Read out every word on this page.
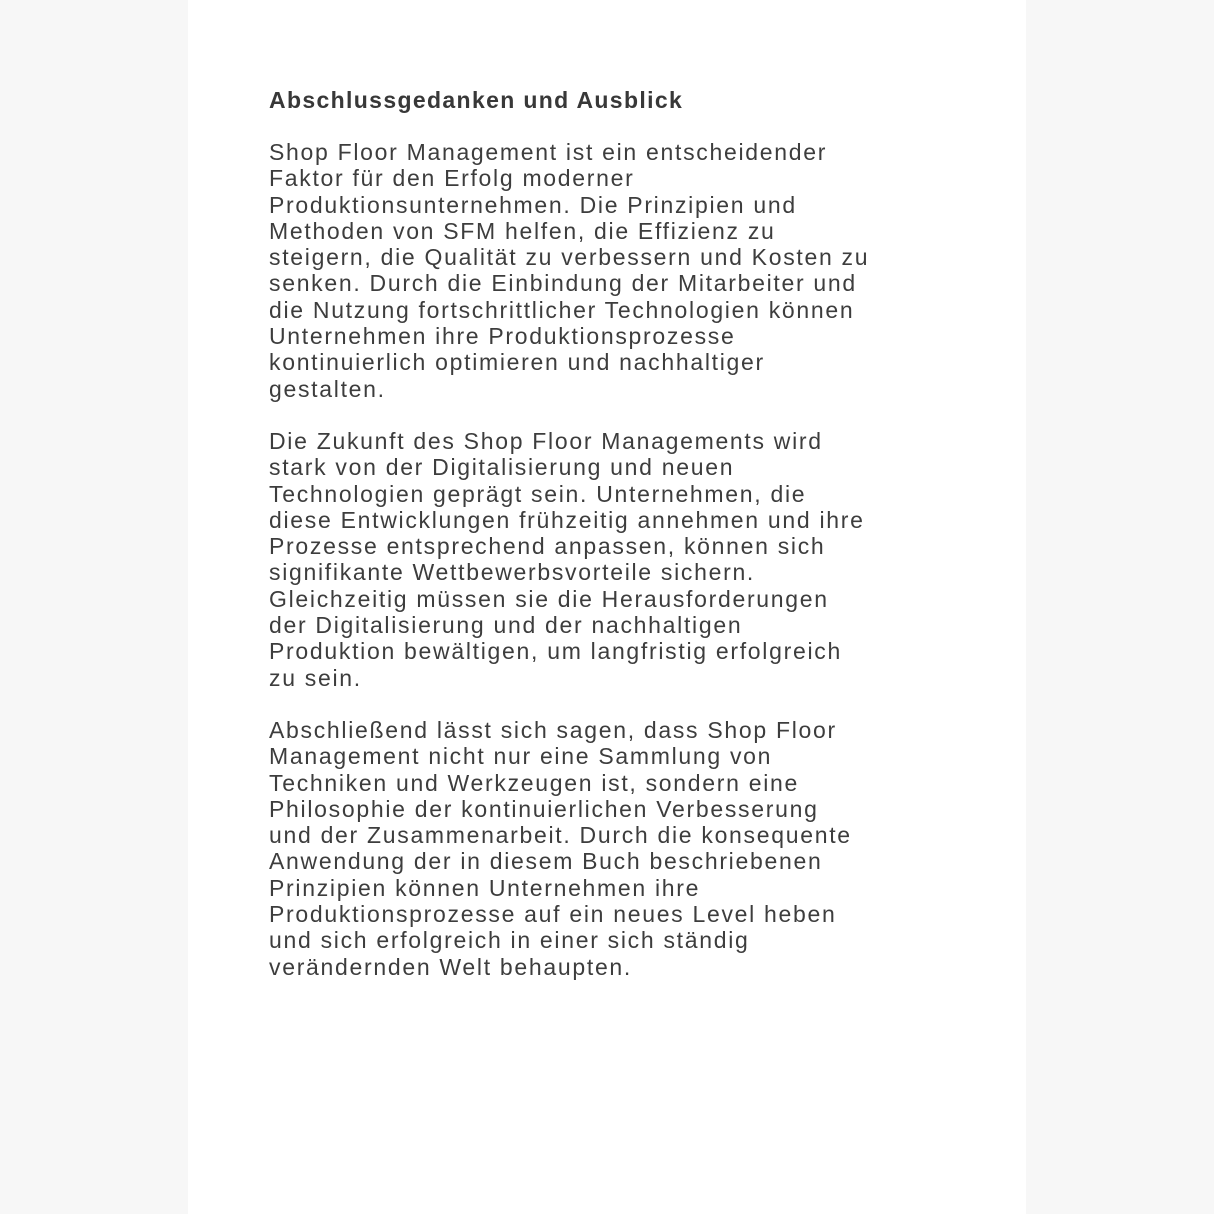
Abschlussgedanken und Ausblick

Shop Floor Management ist ein entscheidender
Faktor für den Erfolg moderner
Produktionsunternehmen. Die Prinzipien und
Methoden von SFM helfen, die Effizienz zu
steigern, die Qualität zu verbessern und Kosten zu
senken. Durch die Einbindung der Mitarbeiter und
die Nutzung fortschrittlicher Technologien können
Unternehmen ihre Produktionsprozesse
kontinuierlich optimieren und nachhaltiger
gestalten.

Die Zukunft des Shop Floor Managements wird
stark von der Digitalisierung und neuen
Technologien geprägt sein. Unternehmen, die
diese Entwicklungen frühzeitig annehmen und ihre
Prozesse entsprechend anpassen, können sich
signifikante Wettbewerbsvorteile sichern.
Gleichzeitig müssen sie die Herausforderungen
der Digitalisierung und der nachhaltigen
Produktion bewältigen, um langfristig erfolgreich
zu sein.

Abschließend lässt sich sagen, dass Shop Floor
Management nicht nur eine Sammlung von
Techniken und Werkzeugen ist, sondern eine
Philosophie der kontinuierlichen Verbesserung
und der Zusammenarbeit. Durch die konsequente
Anwendung der in diesem Buch beschriebenen
Prinzipien können Unternehmen ihre
Produktionsprozesse auf ein neues Level heben
und sich erfolgreich in einer sich ständig
verändernden Welt behaupten.
